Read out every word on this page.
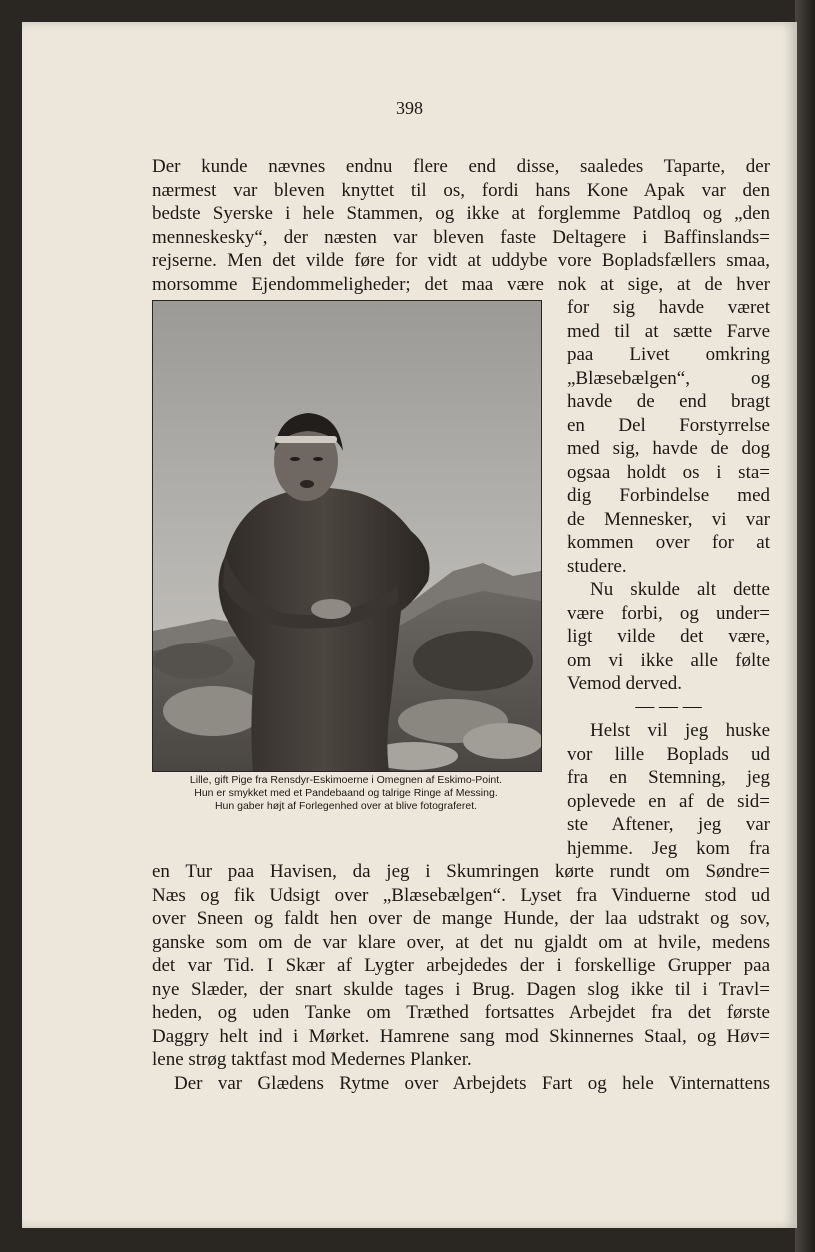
398
Der kunde nævnes endnu flere end disse, saaledes Taparte, der
nærmest var bleven knyttet til os, fordi hans Kone Apak var den
bedste Syerske i hele Stammen, og ikke at forglemme Patdloq og „den
menneskesky“, der næsten var bleven faste Deltagere i Baffinslands=
rejserne. Men det vilde føre for vidt at uddybe vore Bopladsfællers smaa,
morsomme Ejendommeligheder; det maa være nok at sige, at de hver
Lille, gift Pige fra Rensdyr-Eskimoerne i Omegnen af Eskimo-Point.
Hun er smykket med et Pandebaand og talrige Ringe af Messing.
Hun gaber højt af Forlegenhed over at blive fotograferet.
for sig havde været
med til at sætte Farve
paa Livet omkring
„Blæsebælgen“, og
havde de end bragt
en Del Forstyrrelse
med sig, havde de dog
ogsaa holdt os i sta=
dig Forbindelse med
de Mennesker, vi var
kommen over for at
studere.
Nu skulde alt dette
være forbi, og under=
ligt vilde det være,
om vi ikke alle følte
Vemod derved.
— — —
Helst vil jeg huske
vor lille Boplads ud
fra en Stemning, jeg
oplevede en af de sid=
ste Aftener, jeg var
hjemme. Jeg kom fra
en Tur paa Havisen, da jeg i Skumringen kørte rundt om Søndre=
Næs og fik Udsigt over „Blæsebælgen“. Lyset fra Vinduerne stod ud
over Sneen og faldt hen over de mange Hunde, der laa udstrakt og sov,
ganske som om de var klare over, at det nu gjaldt om at hvile, medens
det var Tid. I Skær af Lygter arbejdedes der i forskellige Grupper paa
nye Slæder, der snart skulde tages i Brug. Dagen slog ikke til i Travl=
heden, og uden Tanke om Træthed fortsattes Arbejdet fra det første
Daggry helt ind i Mørket. Hamrene sang mod Skinnernes Staal, og Høv=
lene strøg taktfast mod Medernes Planker.
Der var Glædens Rytme over Arbejdets Fart og hele Vinternattens
